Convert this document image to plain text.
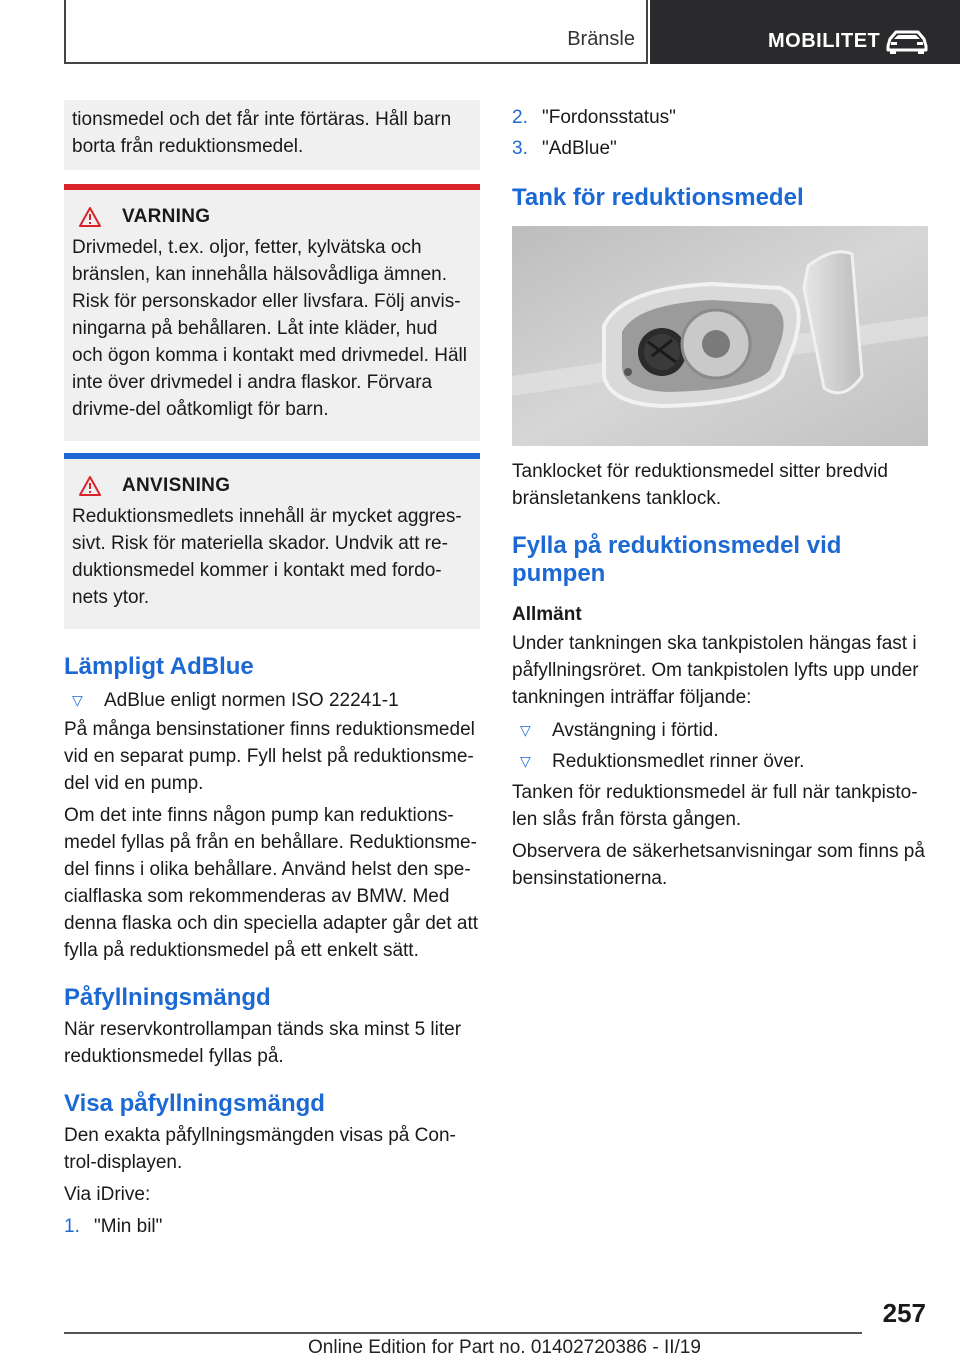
Bränsle	MOBILITET
tionsmedel och det får inte förtäras. Håll barn borta från reduktionsmedel.
VARNING

Drivmedel, t.ex. oljor, fetter, kylvätska och bränslen, kan innehålla hälsovådliga ämnen. Risk för personskador eller livsfara. Följ anvis-ningarna på behållaren. Låt inte kläder, hud och ögon komma i kontakt med drivmedel. Häll inte över drivmedel i andra flaskor. Förvara drivme-del oåtkomligt för barn.

ANVISNING

Reduktionsmedlets innehåll är mycket aggres-sivt. Risk för materiella skador. Undvik att re-duktionsmedel kommer i kontakt med fordo-nets ytor.

Lämpligt AdBlue
▽	AdBlue enligt normen ISO 22241-1

På många bensinstationer finns reduktionsmedel vid en separat pump. Fyll helst på reduktionsme-del vid en pump.

Om det inte finns någon pump kan reduktions-medel fyllas på från en behållare. Reduktionsme-del finns i olika behållare. Använd helst den spe-cialflaska som rekommenderas av BMW. Med denna flaska och din speciella adapter går det att fylla på reduktionsmedel på ett enkelt sätt.

Påfyllningsmängd

När reservkontrollampan tänds ska minst 5 liter reduktionsmedel fyllas på.

Visa påfyllningsmängd

Den exakta påfyllningsmängden visas på Con-trol-displayen.

Via iDrive:

1. "Min bil"
2. "Fordonsstatus"
3. "AdBlue"
Tank för reduktionsmedel

Tanklocket för reduktionsmedel sitter bredvid bränsletankens tanklock.

Fylla på reduktionsmedel vid pumpen
Allmänt

Under tankningen ska tankpistolen hängas fast i påfyllningsröret. Om tankpistolen lyfts upp under tankningen inträffar följande:

▽	Avstängning i förtid.
▽	Reduktionsmedlet rinner över.

Tanken för reduktionsmedel är full när tankpisto-len slås från första gången.

Observera de säkerhetsanvisningar som finns på bensinstationerna.

257
Online Edition for Part no. 01402720386 - II/19
